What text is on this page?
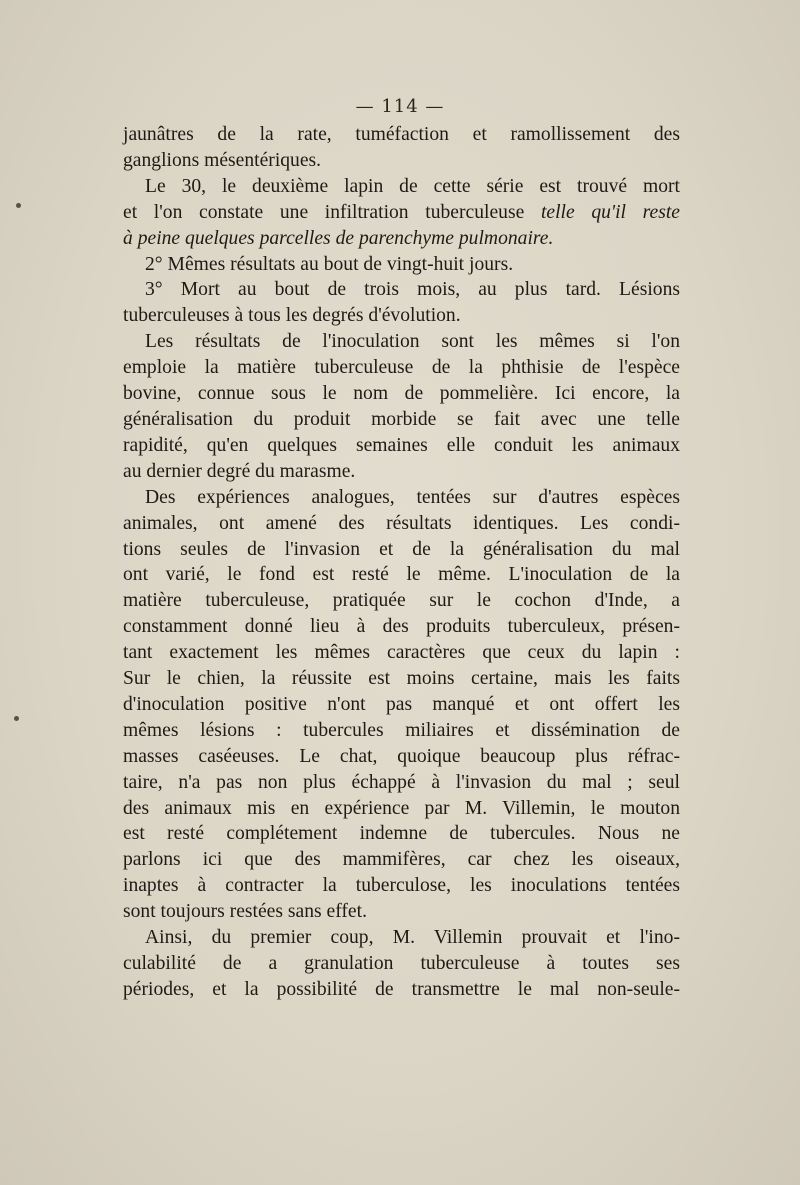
— 114 —
jaunâtres de la rate, tuméfaction et ramollissement des
ganglions mésentériques.
Le 30, le deuxième lapin de cette série est trouvé mort
et l'on constate une infiltration tuberculeuse telle qu'il reste
à peine quelques parcelles de parenchyme pulmonaire.
2° Mêmes résultats au bout de vingt-huit jours.
3° Mort au bout de trois mois, au plus tard. Lésions
tuberculeuses à tous les degrés d'évolution.
Les résultats de l'inoculation sont les mêmes si l'on
emploie la matière tuberculeuse de la phthisie de l'espèce
bovine, connue sous le nom de pommelière. Ici encore, la
généralisation du produit morbide se fait avec une telle
rapidité, qu'en quelques semaines elle conduit les animaux
au dernier degré du marasme.
Des expériences analogues, tentées sur d'autres espèces
animales, ont amené des résultats identiques. Les condi-
tions seules de l'invasion et de la généralisation du mal
ont varié, le fond est resté le même. L'inoculation de la
matière tuberculeuse, pratiquée sur le cochon d'Inde, a
constamment donné lieu à des produits tuberculeux, présen-
tant exactement les mêmes caractères que ceux du lapin :
Sur le chien, la réussite est moins certaine, mais les faits
d'inoculation positive n'ont pas manqué et ont offert les
mêmes lésions : tubercules miliaires et dissémination de
masses caséeuses. Le chat, quoique beaucoup plus réfrac-
taire, n'a pas non plus échappé à l'invasion du mal ; seul
des animaux mis en expérience par M. Villemin, le mouton
est resté complétement indemne de tubercules. Nous ne
parlons ici que des mammifères, car chez les oiseaux,
inaptes à contracter la tuberculose, les inoculations tentées
sont toujours restées sans effet.
Ainsi, du premier coup, M. Villemin prouvait et l'ino-
culabilité de a granulation tuberculeuse à toutes ses
périodes, et la possibilité de transmettre le mal non-seule-
